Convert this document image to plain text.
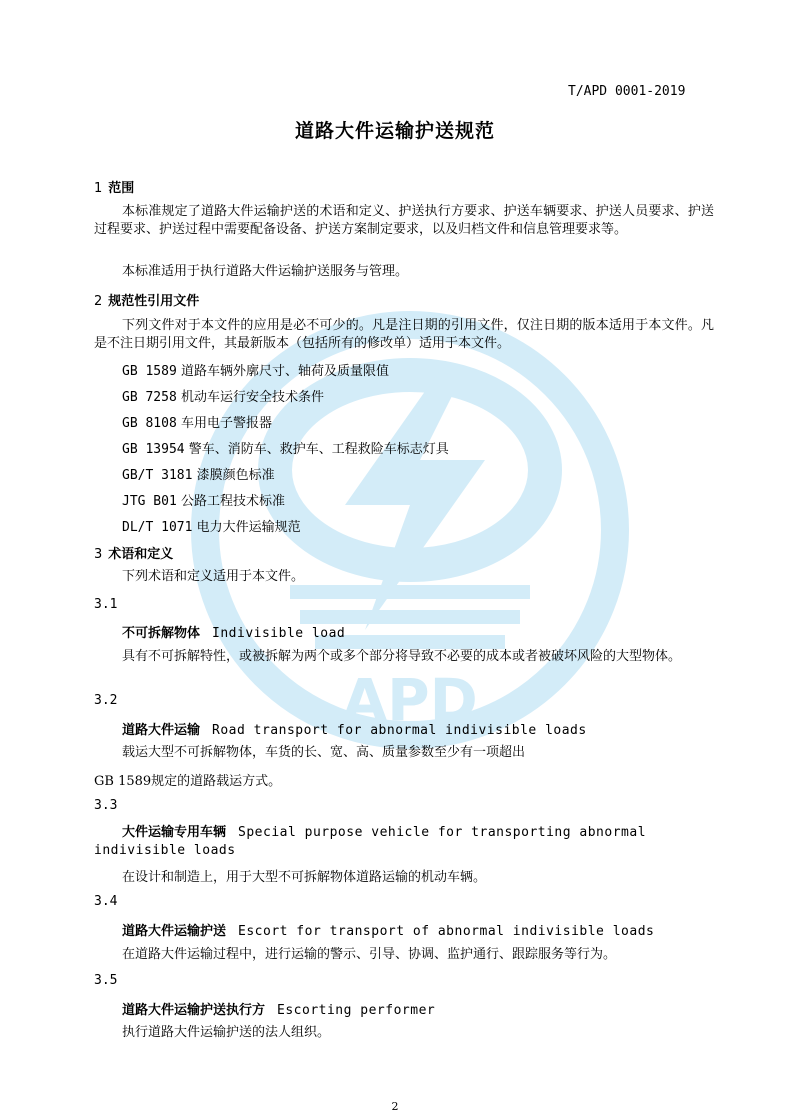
APD
T/APD 0001-2019
道路大件运输护送规范
1 范围
本标准规定了道路大件运输护送的术语和定义、护送执行方要求、护送车辆要求、护送人员要求、护送过程要求、护送过程中需要配备设备、护送方案制定要求，以及归档文件和信息管理要求等。
本标准适用于执行道路大件运输护送服务与管理。
2 规范性引用文件
下列文件对于本文件的应用是必不可少的。凡是注日期的引用文件，仅注日期的版本适用于本文件。凡是不注日期引用文件，其最新版本（包括所有的修改单）适用于本文件。
GB 1589 道路车辆外廓尺寸、轴荷及质量限值
GB 7258 机动车运行安全技术条件
GB 8108 车用电子警报器
GB 13954 警车、消防车、救护车、工程救险车标志灯具
GB/T 3181 漆膜颜色标准
JTG B01 公路工程技术标准
DL/T 1071 电力大件运输规范
3 术语和定义
下列术语和定义适用于本文件。
3.1
不可拆解物体 Indivisible load
具有不可拆解特性，或被拆解为两个或多个部分将导致不必要的成本或者被破坏风险的大型物体。
3.2
道路大件运输 Road transport for abnormal indivisible loads
载运大型不可拆解物体，车货的长、宽、高、质量参数至少有一项超出
GB 1589规定的道路载运方式。
3.3
大件运输专用车辆 Special purpose vehicle for transporting abnormal indivisible loads
在设计和制造上，用于大型不可拆解物体道路运输的机动车辆。
3.4
道路大件运输护送 Escort for transport of abnormal indivisible loads
在道路大件运输过程中，进行运输的警示、引导、协调、监护通行、跟踪服务等行为。
3.5
道路大件运输护送执行方 Escorting performer
执行道路大件运输护送的法人组织。
2
